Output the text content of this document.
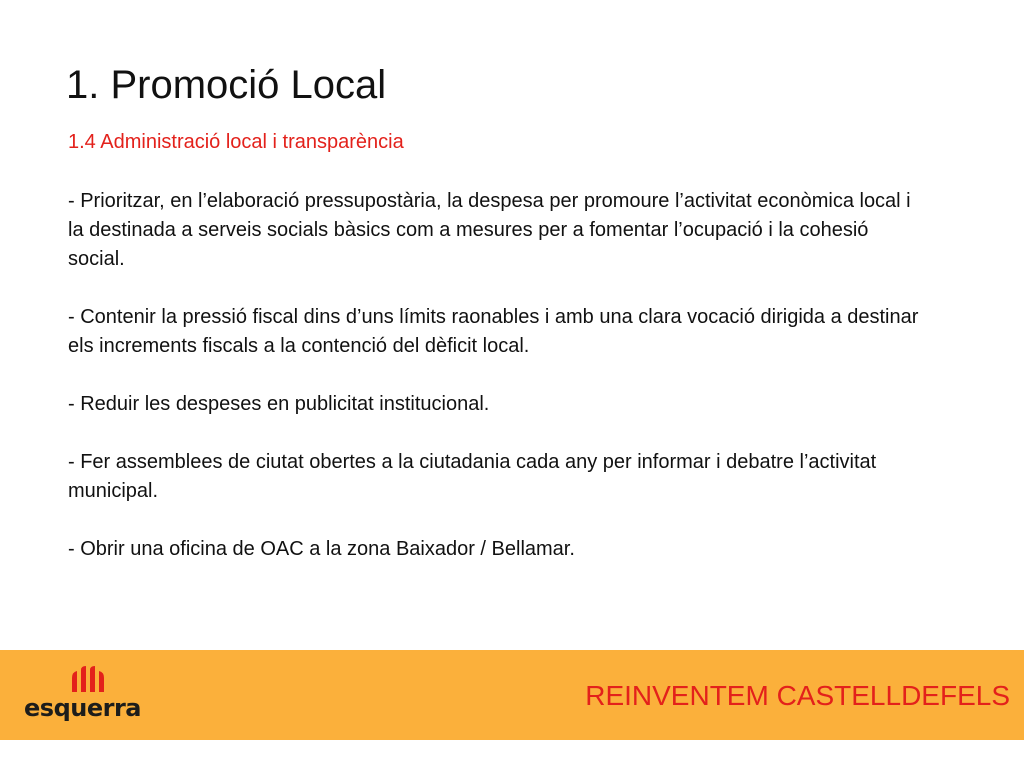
1. Promoció Local

1.4 Administració local i transparència

- Prioritzar, en l’elaboració pressupostària, la despesa per promoure l’activitat econòmica local i la destinada a serveis socials bàsics com a mesures per a fomentar l’ocupació i la cohesió social.
- Contenir la pressió fiscal dins d’uns límits raonables i amb una clara vocació dirigida a destinar els increments fiscals a la contenció del dèficit local.
- Reduir les despeses en publicitat institucional.
- Fer assemblees de ciutat obertes a la ciutadania cada any per informar i debatre l’activitat municipal.
- Obrir una oficina de OAC a la zona Baixador / Bellamar.
esquerra	REINVENTEM CASTELLDEFELS
